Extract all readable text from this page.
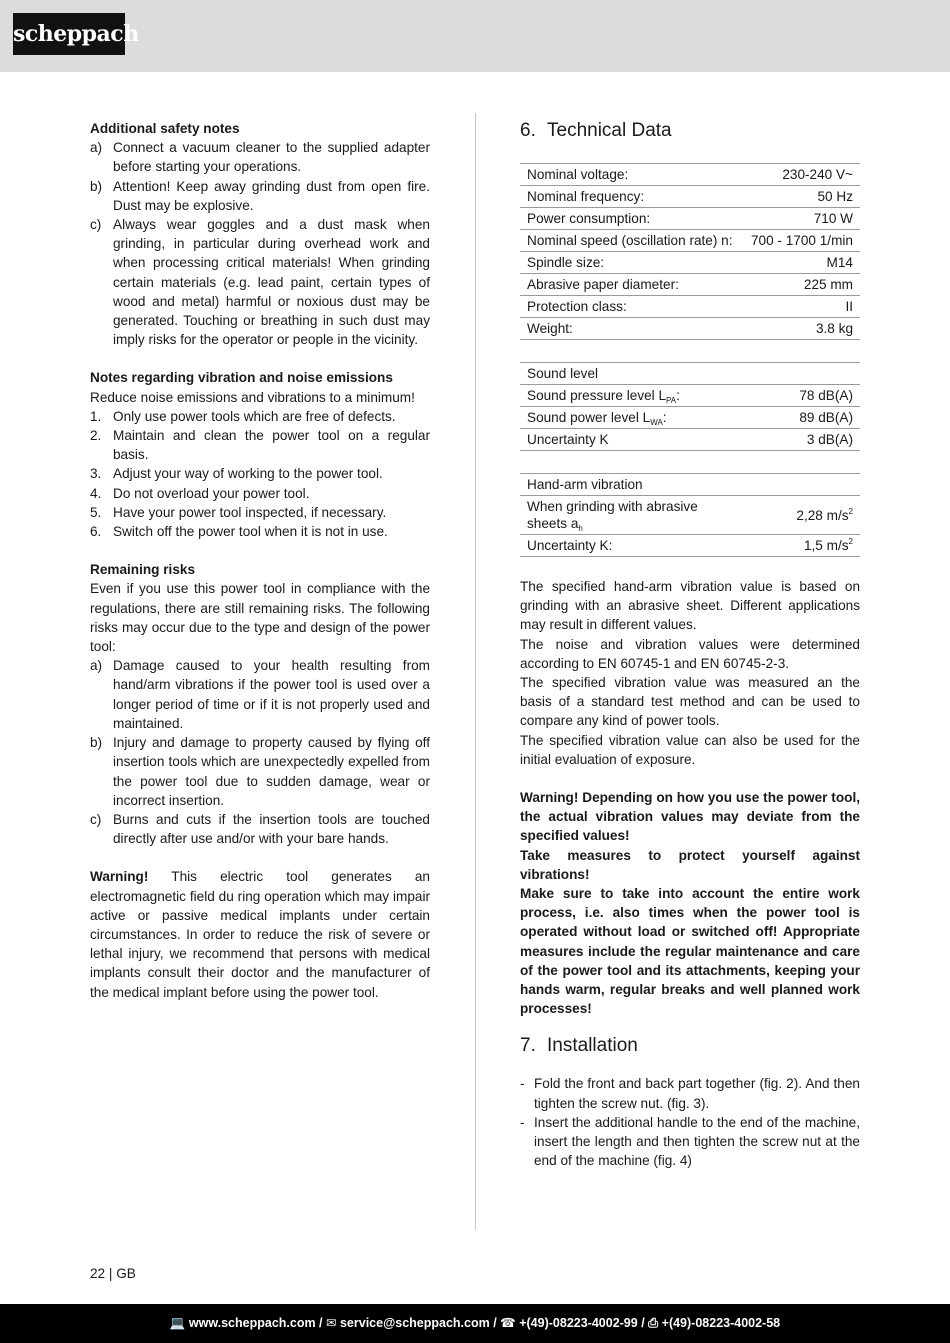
scheppach

Additional safety notes

a) Connect a vacuum cleaner to the supplied adapter before starting your operations.
b) Attention! Keep away grinding dust from open fire. Dust may be explosive.
c) Always wear goggles and a dust mask when grinding, in particular during overhead work and when processing critical materials! When grinding certain materials (e.g. lead paint, certain types of wood and metal) harmful or noxious dust may be generated. Touching or breathing in such dust may imply risks for the operator or people in the vicinity.

Notes regarding vibration and noise emissions

Reduce noise emissions and vibrations to a minimum!

1. Only use power tools which are free of defects.
2. Maintain and clean the power tool on a regular basis.
3. Adjust your way of working to the power tool.
4. Do not overload your power tool.
5. Have your power tool inspected, if necessary.
6. Switch off the power tool when it is not in use.

Remaining risks

Even if you use this power tool in compliance with the regulations, there are still remaining risks. The following risks may occur due to the type and design of the power tool:

a) Damage caused to your health resulting from hand/arm vibrations if the power tool is used over a longer period of time or if it is not properly used and maintained.
b) Injury and damage to property caused by flying off insertion tools which are unexpectedly expelled from the power tool due to sudden damage, wear or incorrect insertion.
c) Burns and cuts if the insertion tools are touched directly after use and/or with your bare hands.

Warning! This electric tool generates an electromagnetic field du ring operation which may impair active or passive medical implants under certain circumstances. In order to reduce the risk of severe or lethal injury, we recommend that persons with medical implants consult their doctor and the manufacturer of the medical implant before using the power tool.

6. Technical Data
Nominal voltage:	230-240 V~
Nominal frequency:	50 Hz
Power consumption:	710 W
Nominal speed (oscillation rate) n:	700 - 1700 1/min
Spindle size:	M14
Abrasive paper diameter:	225 mm
Protection class:	II
Weight:	3.8 kg

Sound level	
Sound pressure level $L_{PA}$:	78 dB(A)
Sound power level $L_{WA}$:	89 dB(A)
Uncertainty K	3 dB(A)

Hand-arm vibration	
When grinding with abrasive sheets $a_h$	2,28 $m/s^2$
Uncertainty K:	1,5 $m/s^2$

The specified hand-arm vibration value is based on grinding with an abrasive sheet. Different applications may result in different values.

The noise and vibration values were determined according to EN 60745-1 and EN 60745-2-3.

The specified vibration value was measured an the basis of a standard test method and can be used to compare any kind of power tools.

The specified vibration value can also be used for the initial evaluation of exposure.

Warning! Depending on how you use the power tool, the actual vibration values may deviate from the specified values!

Take measures to protect yourself against vibrations!

Make sure to take into account the entire work process, i.e. also times when the power tool is operated without load or switched off! Appropriate measures include the regular maintenance and care of the power tool and its attachments, keeping your hands warm, regular breaks and well planned work processes!

7. Installation
- Fold the front and back part together (fig. 2). And then tighten the screw nut. (fig. 3).
- Insert the additional handle to the end of the machine, insert the length and then tighten the screw nut at the end of the machine (fig. 4)
22 | GB
💻 www.scheppach.com / ✉ service@scheppach.com / ☎ +(49)-08223-4002-99 / ⎙ +(49)-08223-4002-58
